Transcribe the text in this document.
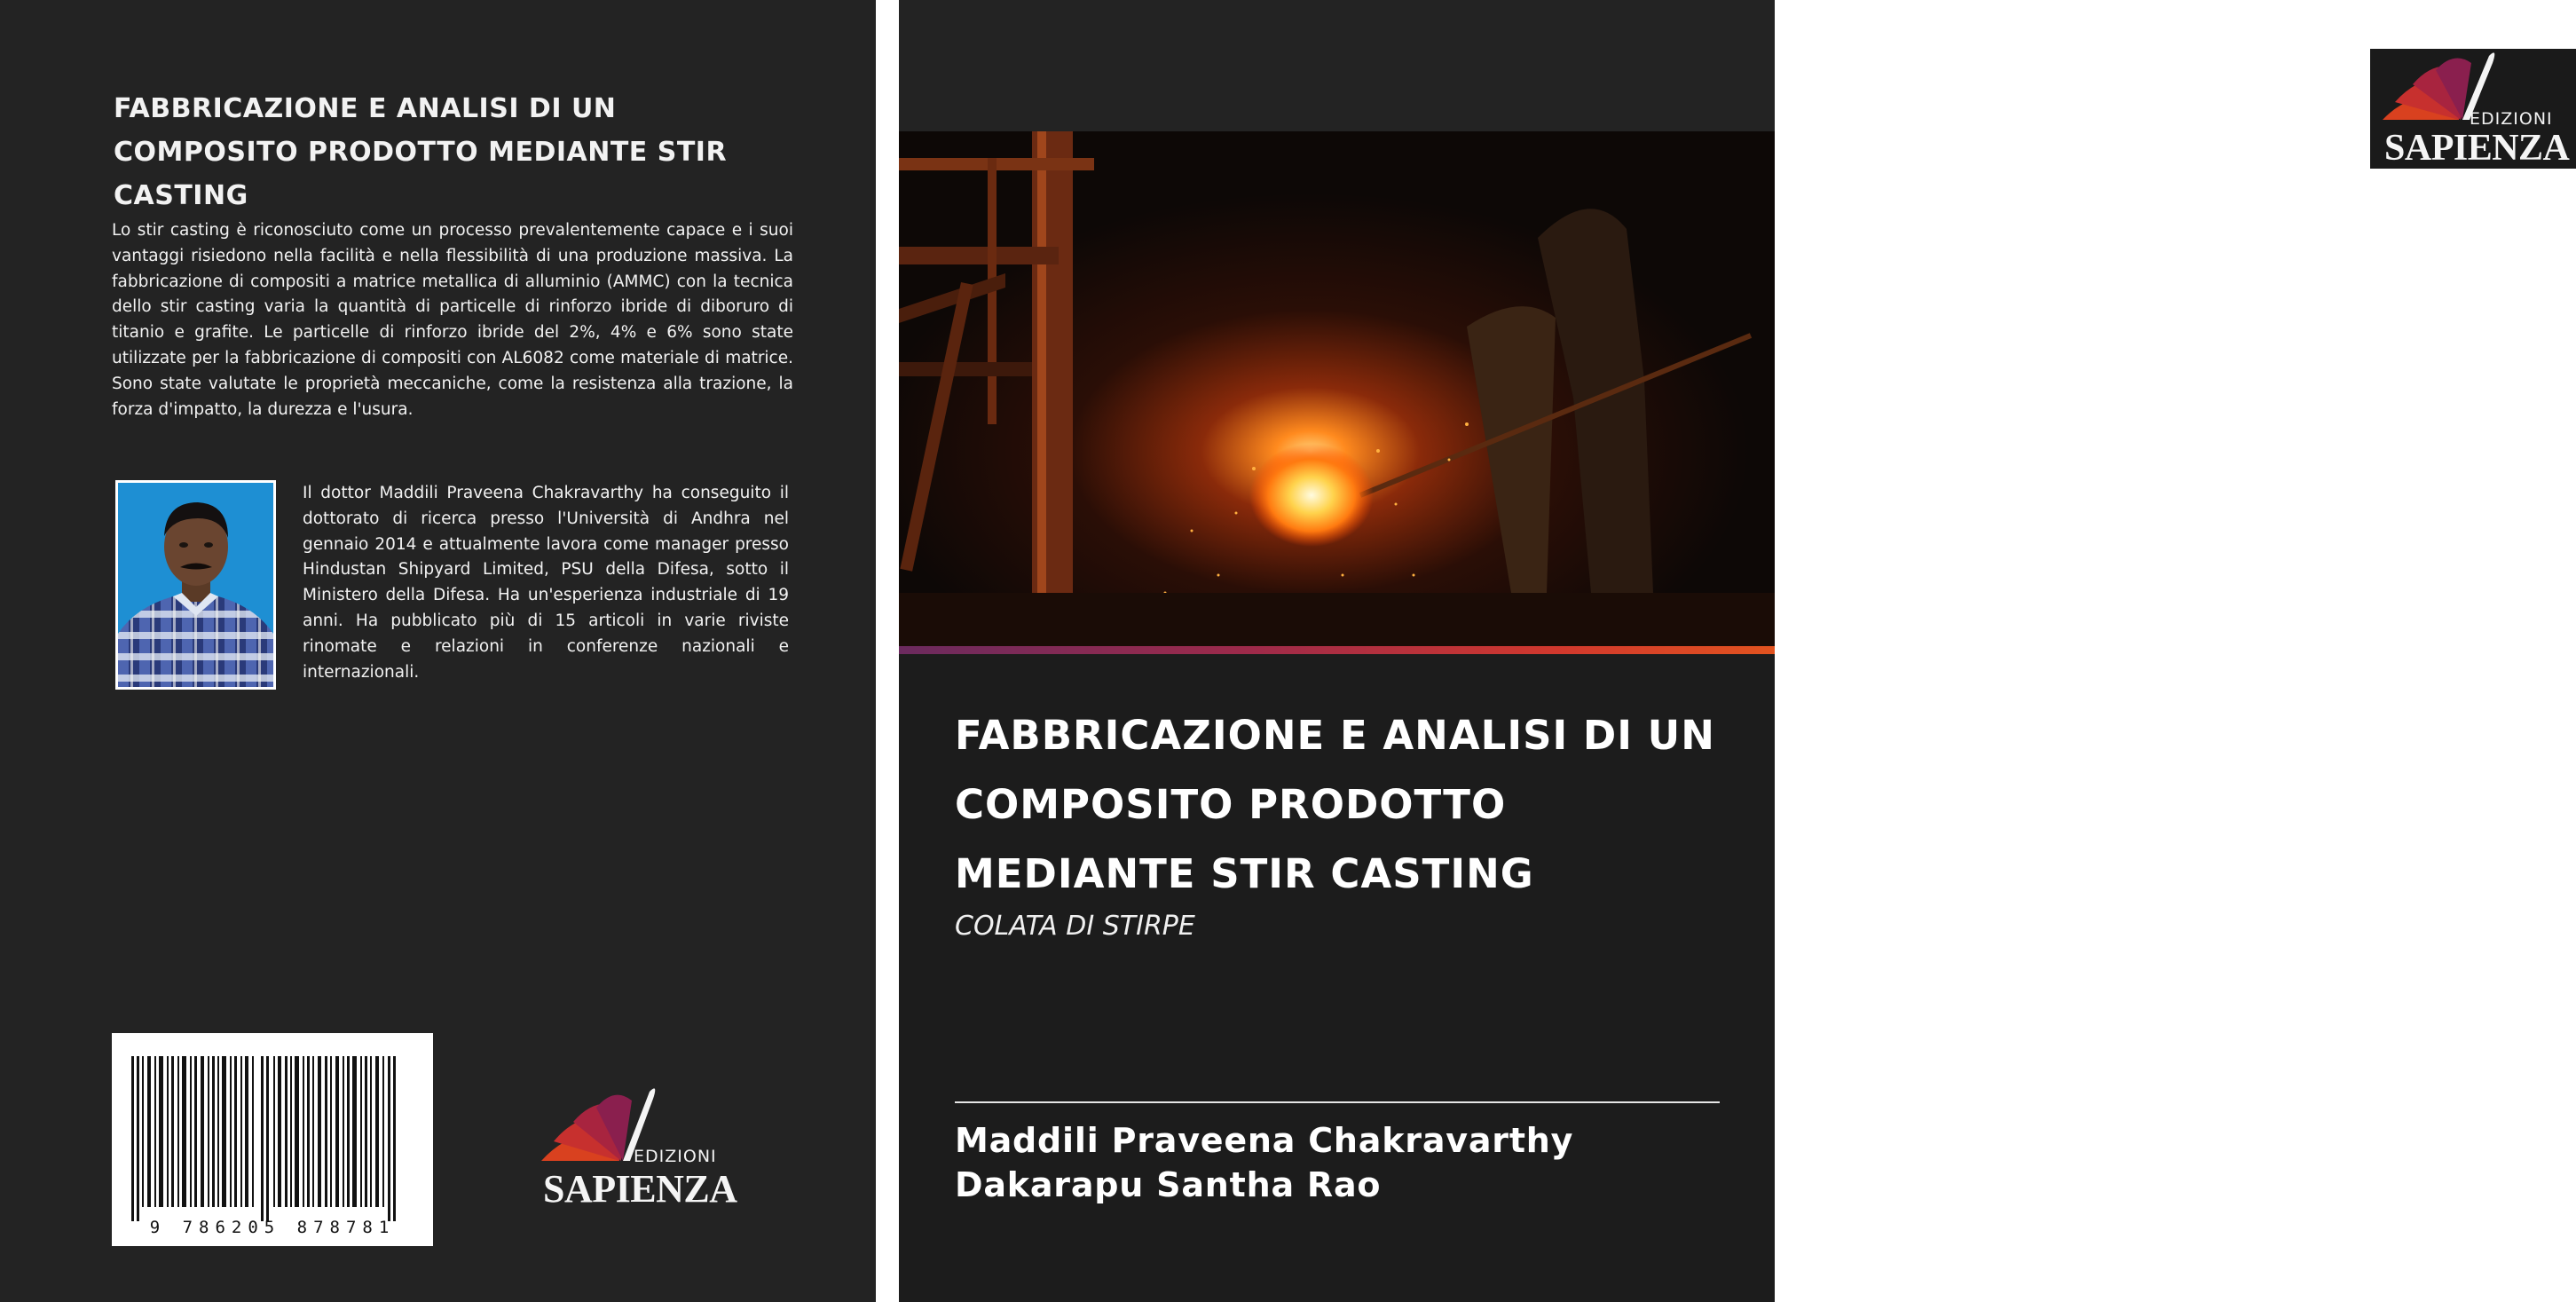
FABBRICAZIONE E ANALISI DI UN COMPOSITO PRODOTTO MEDIANTE STIR CASTING

Lo stir casting è riconosciuto come un processo prevalentemente capace e i suoi vantaggi risiedono nella facilità e nella flessibilità di una produzione massiva. La fabbricazione di compositi a matrice metallica di alluminio (AMMC) con la tecnica dello stir casting varia la quantità di particelle di rinforzo ibride di diboruro di titanio e grafite. Le particelle di rinforzo ibride del 2%, 4% e 6% sono state utilizzate per la fabbricazione di compositi con AL6082 come materiale di matrice. Sono state valutate le proprietà meccaniche, come la resistenza alla trazione, la forza d'impatto, la durezza e l'usura.

Il dottor Maddili Praveena Chakravarthy ha conseguito il dottorato di ricerca presso l'Università di Andhra nel gennaio 2014 e attualmente lavora come manager presso Hindustan Shipyard Limited, PSU della Difesa, sotto il Ministero della Difesa. Ha un'esperienza industriale di 19 anni. Ha pubblicato più di 15 articoli in varie riviste rinomate e relazioni in conferenze nazionali e internazionali.

9 786205 878781
EDIZIONI
SAPIENZA
EDIZIONI
SAPIENZA
FABBRICAZIONE E ANALISI DI UN COMPOSITO PRODOTTO MEDIANTE STIR CASTING

COLATA DI STIRPE

Maddili Praveena Chakravarthy
Dakarapu Santha Rao
